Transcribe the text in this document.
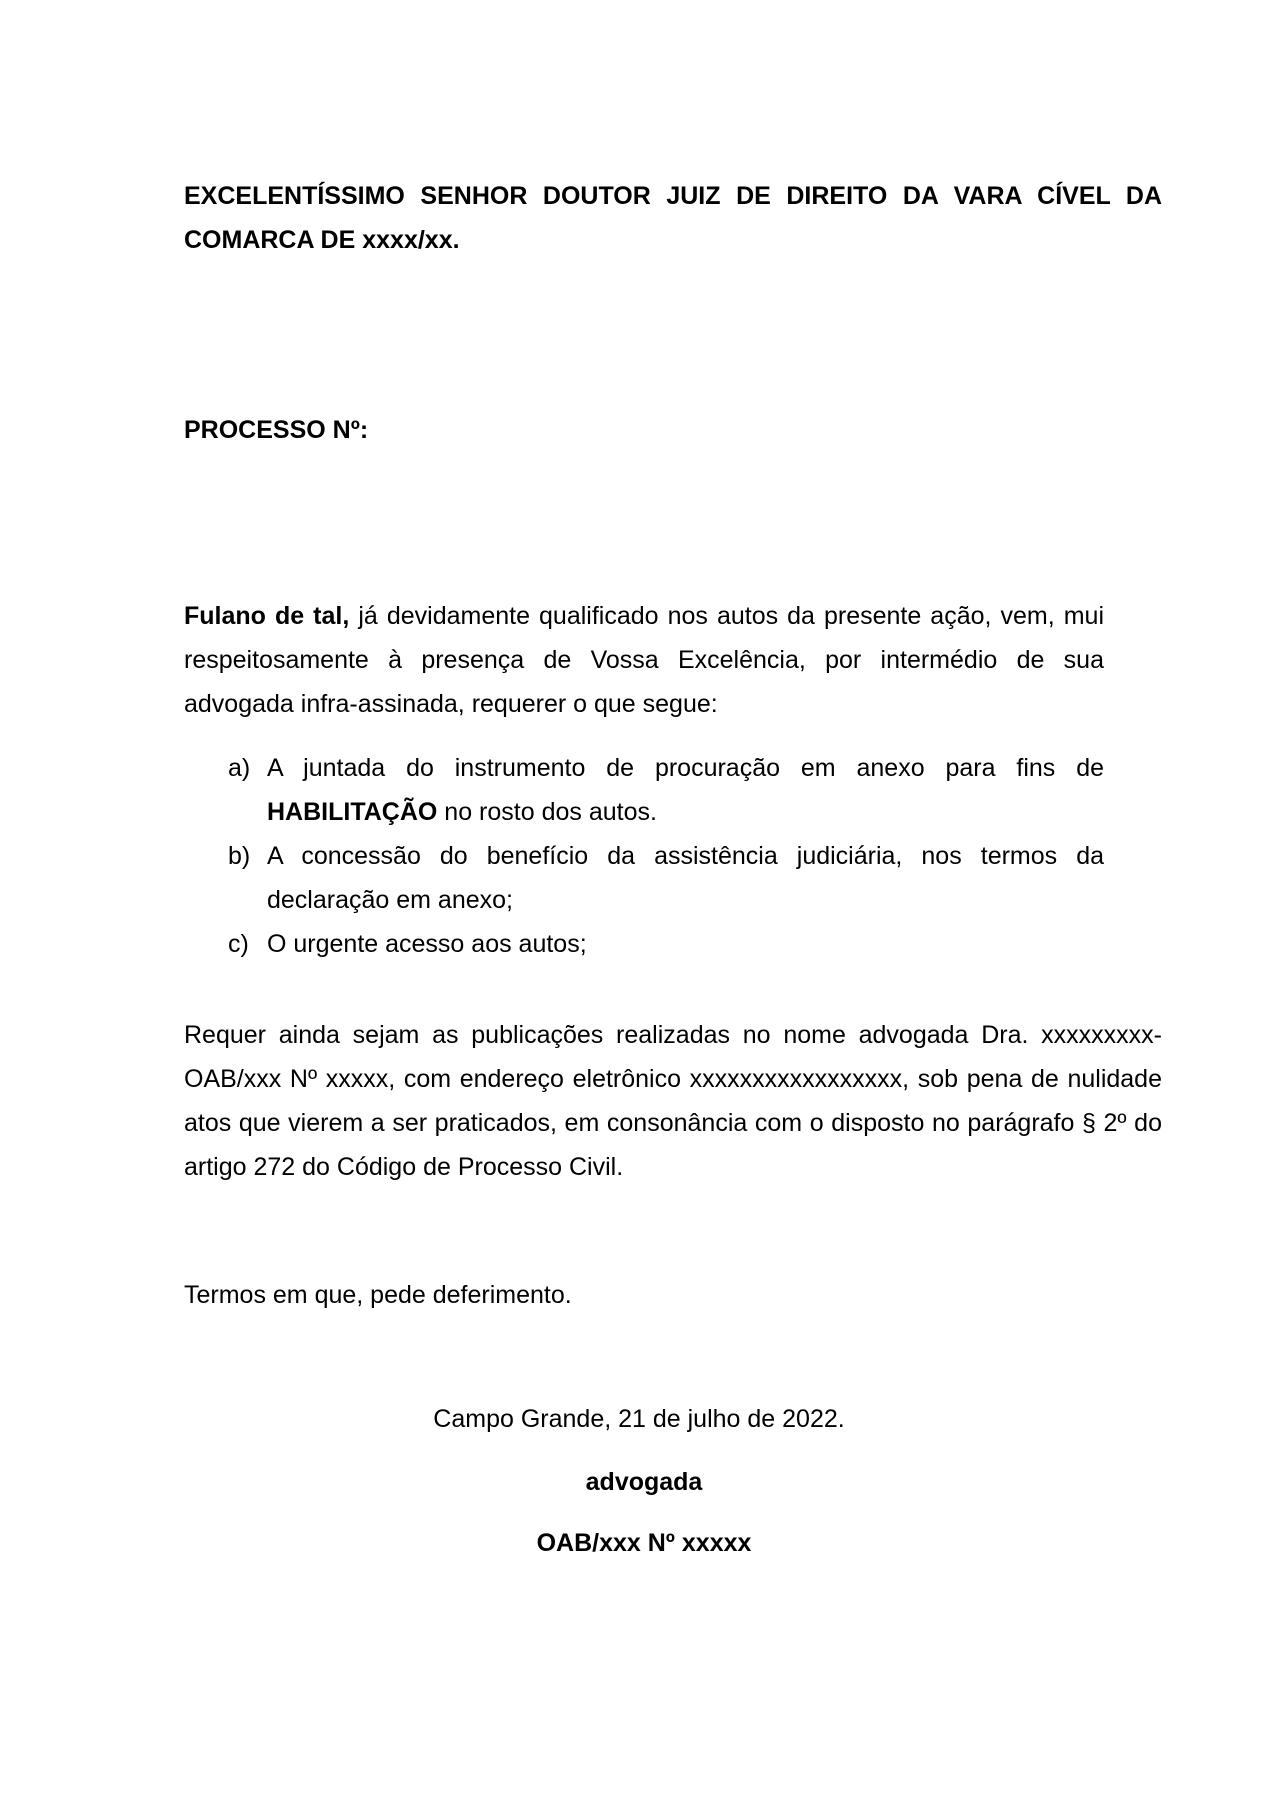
EXCELENTÍSSIMO SENHOR DOUTOR JUIZ DE DIREITO DA VARA CÍVEL DA COMARCA DE xxxx/xx.
PROCESSO Nº:
Fulano de tal, já devidamente qualificado nos autos da presente ação, vem, mui respeitosamente à presença de Vossa Excelência, por intermédio de sua advogada infra-assinada, requerer o que segue:
a) A juntada do instrumento de procuração em anexo para fins de HABILITAÇÃO no rosto dos autos.
b) A concessão do benefício da assistência judiciária, nos termos da declaração em anexo;
c) O urgente acesso aos autos;
Requer ainda sejam as publicações realizadas no nome advogada Dra. xxxxxxxxx-OAB/xxx Nº xxxxx, com endereço eletrônico xxxxxxxxxxxxxxxxx, sob pena de nulidade atos que vierem a ser praticados, em consonância com o disposto no parágrafo § 2º do artigo 272 do Código de Processo Civil.
Termos em que, pede deferimento.
Campo Grande, 21 de julho de 2022.
advogada
OAB/xxx Nº xxxxx
